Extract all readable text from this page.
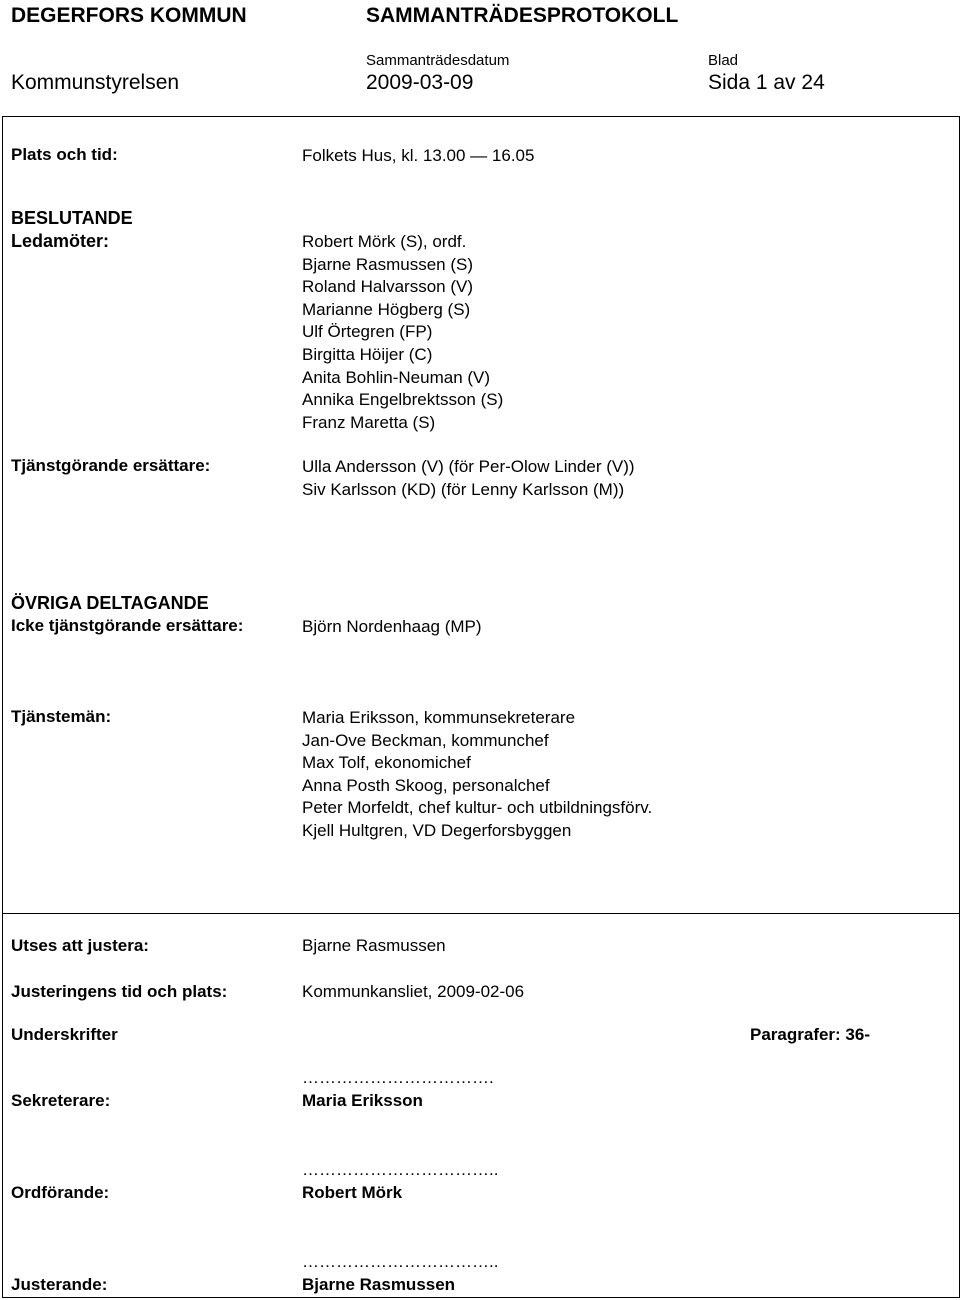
DEGERFORS KOMMUN	SAMMANTRÄDESPROTOKOLL
Sammanträdesdatum	Blad
Kommunstyrelsen	2009-03-09	Sida 1 av 24
Plats och tid:	Folkets Hus, kl. 13.00 — 16.05
BESLUTANDE
Ledamöter:	Robert Mörk (S), ordf.
Bjarne Rasmussen (S)
Roland Halvarsson (V)
Marianne Högberg (S)
Ulf Örtegren (FP)
Birgitta Höijer (C)
Anita Bohlin-Neuman (V)
Annika Engelbrektsson (S)
Franz Maretta (S)
Tjänstgörande ersättare:	Ulla Andersson (V) (för Per-Olow Linder (V))
Siv Karlsson (KD) (för Lenny Karlsson (M))
ÖVRIGA DELTAGANDE
Icke tjänstgörande ersättare:	Björn Nordenhaag (MP)
Tjänstemän:	Maria Eriksson, kommunsekreterare
Jan-Ove Beckman, kommunchef
Max Tolf, ekonomichef
Anna Posth Skoog, personalchef
Peter Morfeldt, chef kultur- och utbildningsförv.
Kjell Hultgren, VD Degerforsbyggen
Utses att justera:	Bjarne Rasmussen
Justeringens tid och plats:	Kommunkansliet, 2009-02-06
Underskrifter	Paragrafer: 36-
…………………………….
Sekreterare:	Maria Eriksson
……………………………..
Ordförande:	Robert Mörk
……………………………..
Justerande:	Bjarne Rasmussen
